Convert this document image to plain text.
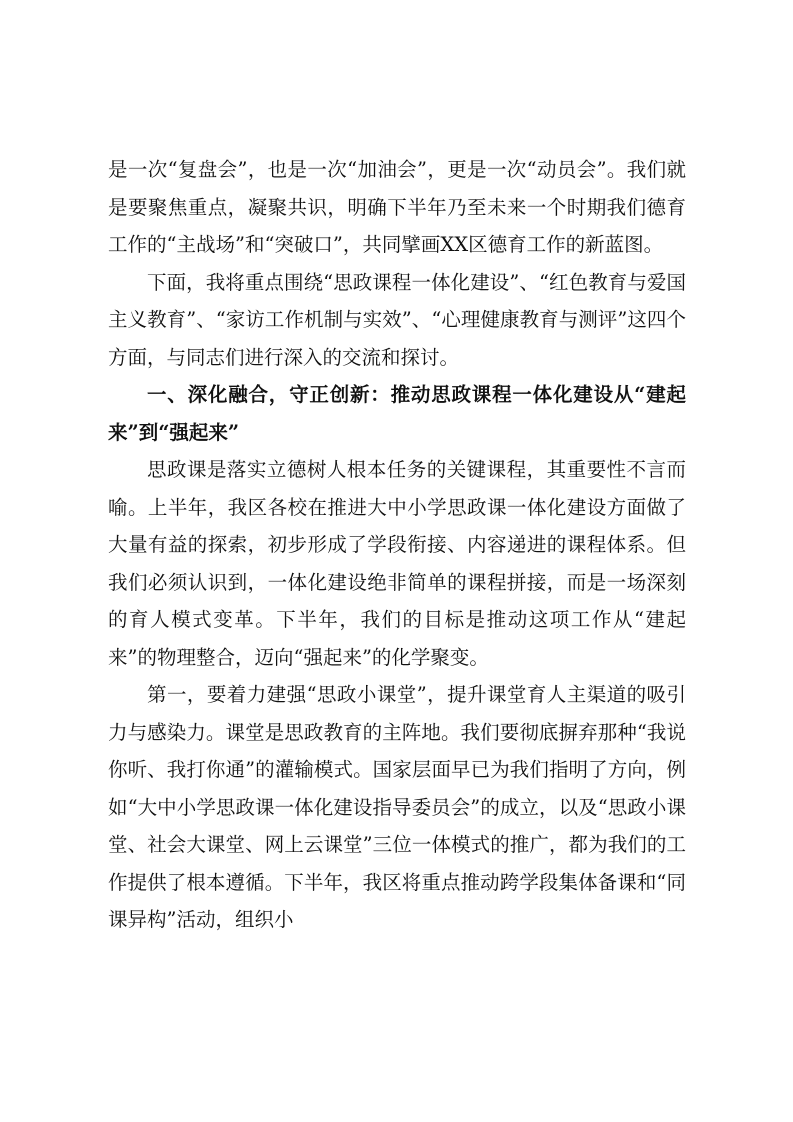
是一次“复盘会”，也是一次“加油会”，更是一次“动员会”。我们就是要聚焦重点，凝聚共识，明确下半年乃至未来一个时期我们德育工作的“主战场”和“突破口”，共同擘画XX区德育工作的新蓝图。

下面，我将重点围绕“思政课程一体化建设”、“红色教育与爱国主义教育”、“家访工作机制与实效”、“心理健康教育与测评”这四个方面，与同志们进行深入的交流和探讨。

一、深化融合，守正创新：推动思政课程一体化建设从“建起来”到“强起来”

思政课是落实立德树人根本任务的关键课程，其重要性不言而喻。上半年，我区各校在推进大中小学思政课一体化建设方面做了大量有益的探索，初步形成了学段衔接、内容递进的课程体系。但我们必须认识到，一体化建设绝非简单的课程拼接，而是一场深刻的育人模式变革。下半年，我们的目标是推动这项工作从“建起来”的物理整合，迈向“强起来”的化学聚变。

第一，要着力建强“思政小课堂”，提升课堂育人主渠道的吸引力与感染力。课堂是思政教育的主阵地。我们要彻底摒弃那种“我说你听、我打你通”的灌输模式。国家层面早已为我们指明了方向，例如“大中小学思政课一体化建设指导委员会”的成立，以及“思政小课堂、社会大课堂、网上云课堂”三位一体模式的推广，都为我们的工作提供了根本遵循。下半年，我区将重点推动跨学段集体备课和“同课异构”活动，组织小
